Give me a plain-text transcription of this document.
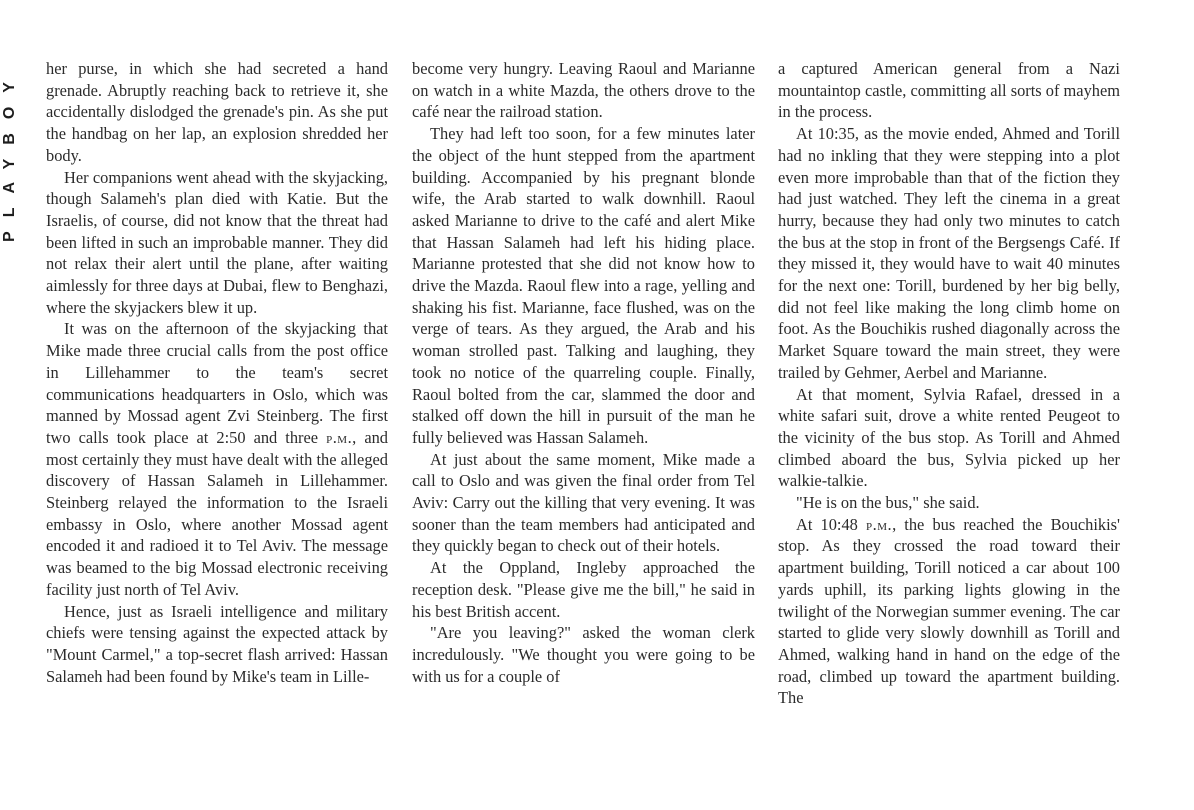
PLAYBOY her purse, in which she had secreted a hand grenade. Abruptly reaching back to retrieve it, she accidentally dislodged the grenade's pin. As she put the handbag on her lap, an explosion shredded her body.

Her companions went ahead with the skyjacking, though Salameh's plan died with Katie. But the Israelis, of course, did not know that the threat had been lifted in such an improbable manner. They did not relax their alert until the plane, after waiting aimlessly for three days at Dubai, flew to Benghazi, where the skyjackers blew it up.

It was on the afternoon of the skyjacking that Mike made three crucial calls from the post office in Lillehammer to the team's secret communications headquarters in Oslo, which was manned by Mossad agent Zvi Steinberg. The first two calls took place at 2:50 and three p.m., and most certainly they must have dealt with the alleged discovery of Hassan Salameh in Lillehammer. Steinberg relayed the information to the Israeli embassy in Oslo, where another Mossad agent encoded it and radioed it to Tel Aviv. The message was beamed to the big Mossad electronic receiving facility just north of Tel Aviv.

Hence, just as Israeli intelligence and military chiefs were tensing against the expected attack by "Mount Carmel," a top-secret flash arrived: Hassan Salameh had been found by Mike's team in Lille-

become very hungry. Leaving Raoul and Marianne on watch in a white Mazda, the others drove to the café near the railroad station.

They had left too soon, for a few minutes later the object of the hunt stepped from the apartment building. Accompanied by his pregnant blonde wife, the Arab started to walk downhill. Raoul asked Marianne to drive to the café and alert Mike that Hassan Salameh had left his hiding place. Marianne protested that she did not know how to drive the Mazda. Raoul flew into a rage, yelling and shaking his fist. Marianne, face flushed, was on the verge of tears. As they argued, the Arab and his woman strolled past. Talking and laughing, they took no notice of the quarreling couple. Finally, Raoul bolted from the car, slammed the door and stalked off down the hill in pursuit of the man he fully believed was Hassan Salameh.

At just about the same moment, Mike made a call to Oslo and was given the final order from Tel Aviv: Carry out the killing that very evening. It was sooner than the team members had anticipated and they quickly began to check out of their hotels.

At the Oppland, Ingleby approached the reception desk. "Please give me the bill," he said in his best British accent.

"Are you leaving?" asked the woman clerk incredulously. "We thought you were going to be with us for a couple of

a captured American general from a Nazi mountaintop castle, committing all sorts of mayhem in the process.

At 10:35, as the movie ended, Ahmed and Torill had no inkling that they were stepping into a plot even more improbable than that of the fiction they had just watched. They left the cinema in a great hurry, because they had only two minutes to catch the bus at the stop in front of the Bergsengs Café. If they missed it, they would have to wait 40 minutes for the next one: Torill, burdened by her big belly, did not feel like making the long climb home on foot. As the Bouchikis rushed diagonally across the Market Square toward the main street, they were trailed by Gehmer, Aerbel and Marianne.

At that moment, Sylvia Rafael, dressed in a white safari suit, drove a white rented Peugeot to the vicinity of the bus stop. As Torill and Ahmed climbed aboard the bus, Sylvia picked up her walkie-talkie.

"He is on the bus," she said.

At 10:48 p.m., the bus reached the Bouchikis' stop. As they crossed the road toward their apartment building, Torill noticed a car about 100 yards uphill, its parking lights glowing in the twilight of the Norwegian summer evening. The car started to glide very slowly downhill as Torill and Ahmed, walking hand in hand on the edge of the road, climbed up toward the apartment building. The
